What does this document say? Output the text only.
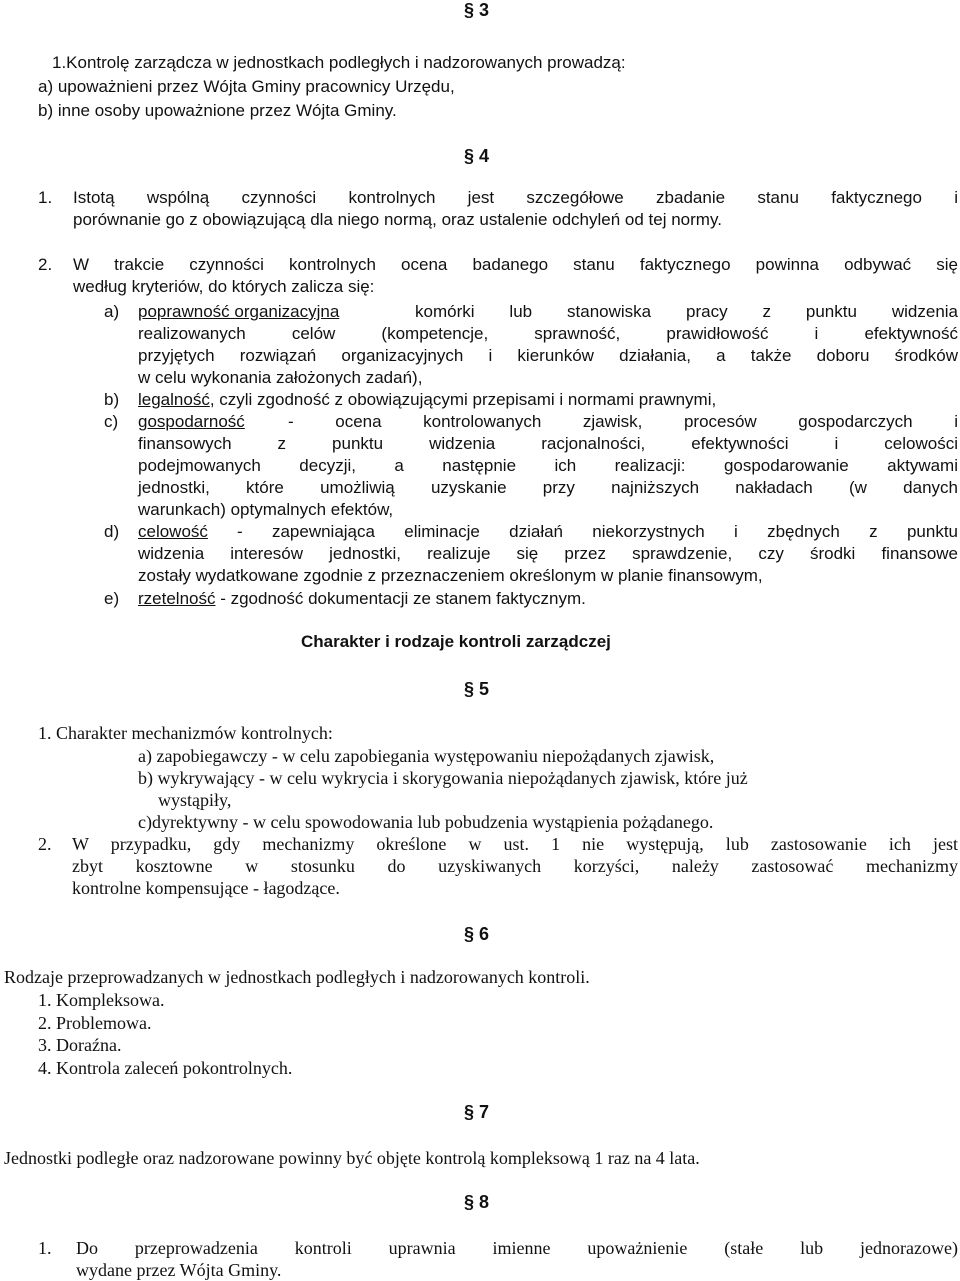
§ 3
1.Kontrolę zarządcza w jednostkach podległych i nadzorowanych prowadzą:
a) upoważnieni przez Wójta Gminy pracownicy Urzędu,
b) inne osoby upoważnione przez Wójta Gminy.
§ 4
1. Istotą wspólną czynności kontrolnych jest szczegółowe zbadanie stanu faktycznego i
porównanie go z obowiązującą dla niego normą, oraz ustalenie odchyleń od tej normy.
2. W trakcie czynności kontrolnych ocena badanego stanu faktycznego powinna odbywać się
według kryteriów, do których zalicza się:
a) poprawność organizacyjna	komórki lub stanowiska pracy z punktu widzenia
realizowanych celów (kompetencje, sprawność, prawidłowość i efektywność
przyjętych rozwiązań organizacyjnych i kierunków działania, a także doboru środków
w celu wykonania założonych zadań),
b) legalność, czyli zgodność z obowiązującymi przepisami i normami prawnymi,
c) gospodarność	- ocena kontrolowanych zjawisk, procesów gospodarczych i
finansowych z punktu widzenia racjonalności, efektywności i celowości
podejmowanych decyzji, a następnie ich realizacji: gospodarowanie aktywami
jednostki, które umożliwią uzyskanie przy najniższych nakładach (w danych
warunkach) optymalnych efektów,
d) celowość - zapewniająca eliminacje działań niekorzystnych i zbędnych z punktu
widzenia interesów jednostki, realizuje się przez sprawdzenie, czy środki finansowe
zostały wydatkowane zgodnie z przeznaczeniem określonym w planie finansowym,
e) rzetelność - zgodność dokumentacji ze stanem faktycznym.
Charakter i rodzaje kontroli zarządczej
§ 5
1. Charakter mechanizmów kontrolnych:
a) zapobiegawczy - w celu zapobiegania występowaniu niepożądanych zjawisk,
b) wykrywający - w celu wykrycia i skorygowania niepożądanych zjawisk, które już
wystąpiły,
c)dyrektywny - w celu spowodowania lub pobudzenia wystąpienia pożądanego.
2. W przypadku, gdy mechanizmy określone w ust. 1 nie występują, lub zastosowanie ich jest
zbyt kosztowne w stosunku do uzyskiwanych korzyści, należy zastosować mechanizmy
kontrolne kompensujące - łagodzące.
§ 6
Rodzaje przeprowadzanych w jednostkach podległych i nadzorowanych kontroli.
1. Kompleksowa.
2. Problemowa.
3. Doraźna.
4. Kontrola zaleceń pokontrolnych.
§ 7
Jednostki podległe oraz nadzorowane powinny być objęte kontrolą kompleksową 1 raz na 4 lata.
§ 8
1. Do przeprowadzenia kontroli uprawnia imienne upoważnienie (stałe lub jednorazowe)
wydane przez Wójta Gminy.
